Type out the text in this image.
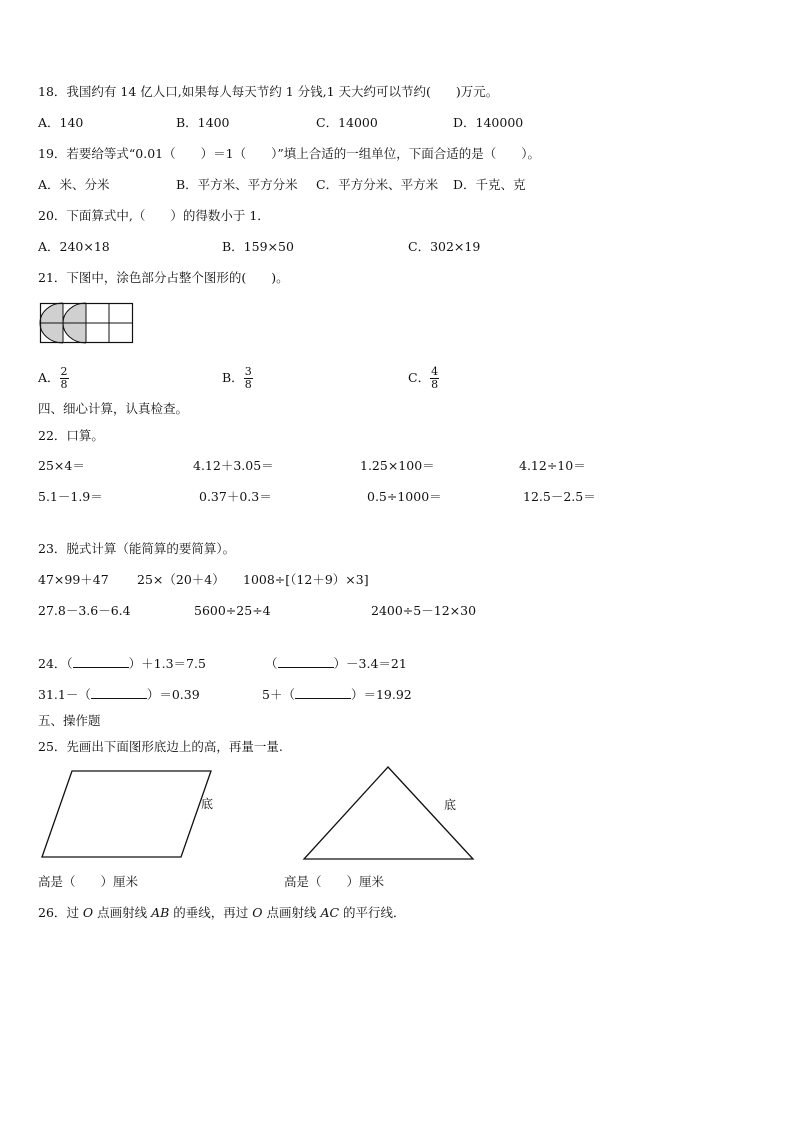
18．我国约有 14 亿人口,如果每人每天节约 1 分钱,1 天大约可以节约(　　)万元。
A．140	B．1400	C．14000	D．140000
19．若要给等式“0.01（　　）＝1（　　）”填上合适的一组单位，下面合适的是（　　）。
A．米、分米	B．平方米、平方分米 C．平方分米、平方米 D．千克、克
20．下面算式中,（　　）的得数小于 1．
A．240×18	B．159×50	C．302×19
21．下图中，涂色部分占整个图形的(　　)。
A． $\frac{2}{8}$	B． $\frac{3}{8}$	C． $\frac{4}{8}$
四、细心计算，认真检查。
22．口算。
25×4＝	4.12＋3.05＝	1.25×100＝	4.12÷10＝
5.1－1.9＝	0.37＋0.3＝	0.5÷1000＝	12.5－2.5＝
23．脱式计算（能简算的要简算）。
47×99＋47 25×（20＋4） 1008÷[（12＋9）×3]
27.8－3.6－6.4	5600÷25÷4	2400÷5－12×30
24．（	）＋1.3＝7.5	（	）－3.4＝21
31.1－（	）＝0.39	5＋（	）＝19.92
五、操作题
25．先画出下面图形底边上的高，再量一量.
底	底
高是（　　）厘米	高是（　　）厘米
26．过 O 点画射线 AB 的垂线，再过 O 点画射线 AC 的平行线．
